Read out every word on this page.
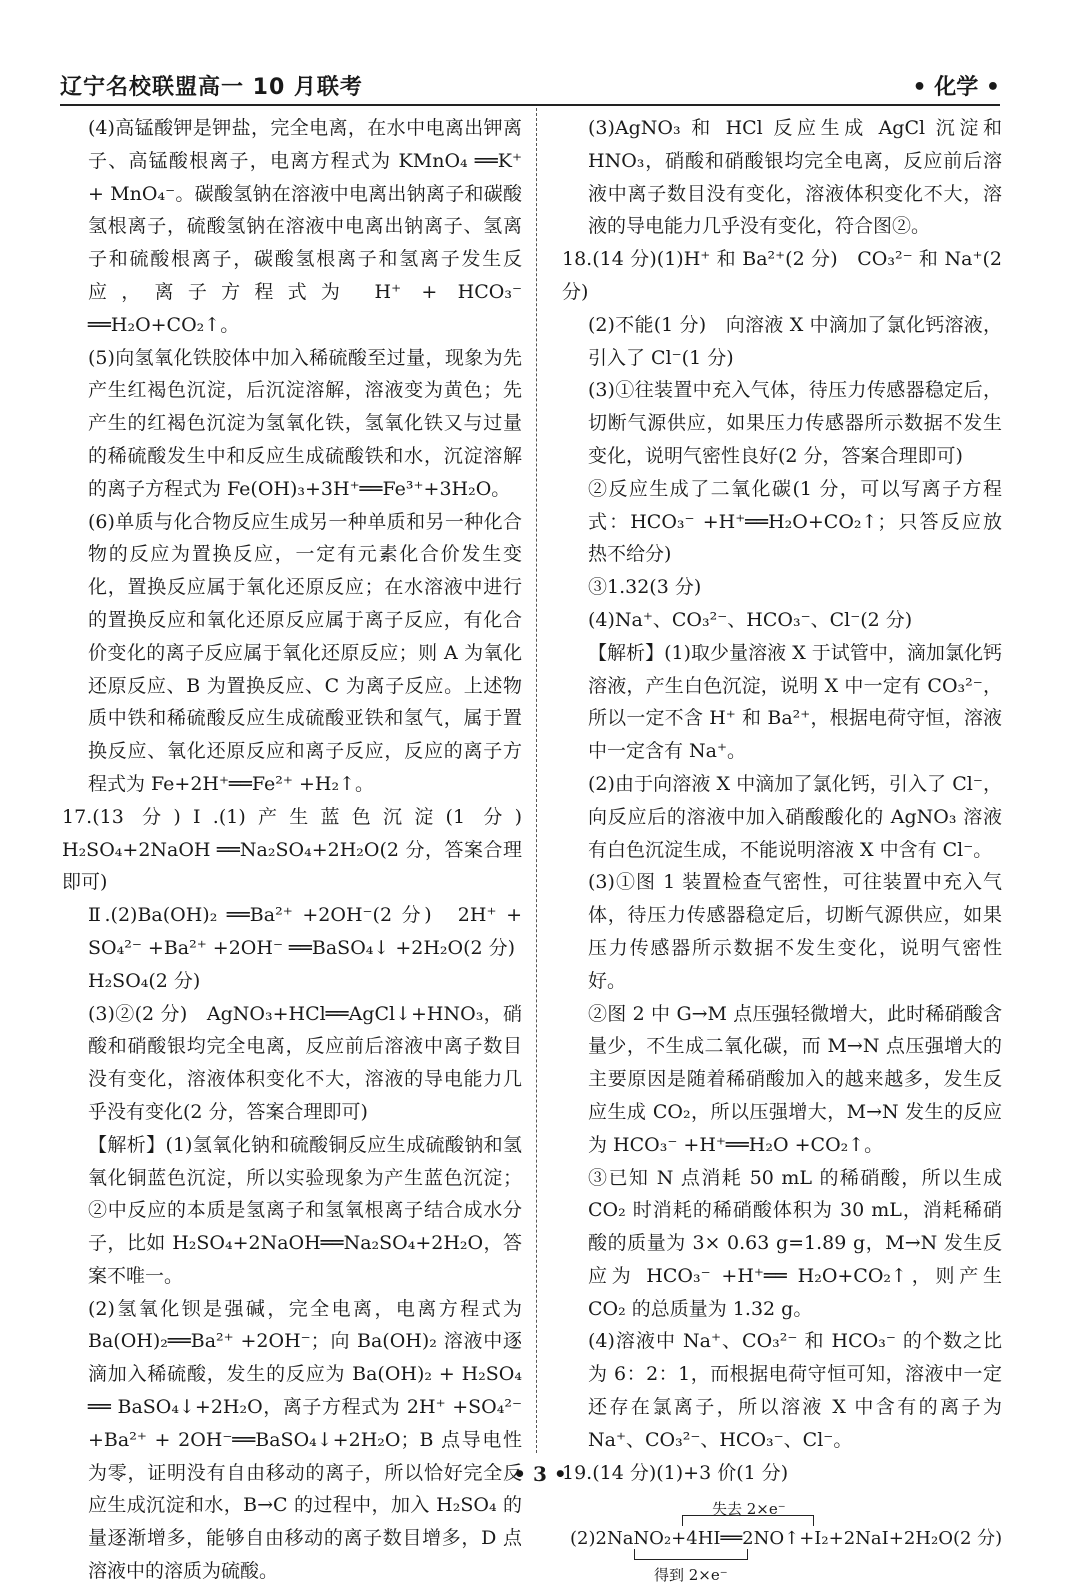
辽宁名校联盟高一 10 月联考	• 化学 •

(4)高锰酸钾是钾盐，完全电离，在水中电离出钾离子、高锰酸根离子，电离方程式为 KMnO₄ ══K⁺ + MnO₄⁻。碳酸氢钠在溶液中电离出钠离子和碳酸氢根离子，硫酸氢钠在溶液中电离出钠离子、氢离子和硫酸根离子，碳酸氢根离子和氢离子发生反应，离子方程式为 H⁺ + HCO₃⁻ ══H₂O+CO₂↑。

(5)向氢氧化铁胶体中加入稀硫酸至过量，现象为先产生红褐色沉淀，后沉淀溶解，溶液变为黄色；先产生的红褐色沉淀为氢氧化铁，氢氧化铁又与过量的稀硫酸发生中和反应生成硫酸铁和水，沉淀溶解的离子方程式为 Fe(OH)₃+3H⁺══Fe³⁺+3H₂O。

(6)单质与化合物反应生成另一种单质和另一种化合物的反应为置换反应，一定有元素化合价发生变化，置换反应属于氧化还原反应；在水溶液中进行的置换反应和氧化还原反应属于离子反应，有化合价变化的离子反应属于氧化还原反应；则 A 为氧化还原反应、B 为置换反应、C 为离子反应。上述物质中铁和稀硫酸反应生成硫酸亚铁和氢气，属于置换反应、氧化还原反应和离子反应，反应的离子方程式为 Fe+2H⁺══Fe²⁺ +H₂↑。

17.(13 分)Ⅰ.(1)产生蓝色沉淀(1 分)　H₂SO₄+2NaOH ══Na₂SO₄+2H₂O(2 分，答案合理即可)

Ⅱ.(2)Ba(OH)₂ ══Ba²⁺ +2OH⁻(2 分)　2H⁺ + SO₄²⁻ +Ba²⁺ +2OH⁻ ══BaSO₄↓ +2H₂O(2 分)

H₂SO₄(2 分)

(3)②(2 分)　AgNO₃+HCl══AgCl↓+HNO₃，硝酸和硝酸银均完全电离，反应前后溶液中离子数目没有变化，溶液体积变化不大，溶液的导电能力几乎没有变化(2 分，答案合理即可)

【解析】(1)氢氧化钠和硫酸铜反应生成硫酸钠和氢氧化铜蓝色沉淀，所以实验现象为产生蓝色沉淀；②中反应的本质是氢离子和氢氧根离子结合成水分子，比如 H₂SO₄+2NaOH══Na₂SO₄+2H₂O，答案不唯一。

(2)氢氧化钡是强碱，完全电离，电离方程式为 Ba(OH)₂══Ba²⁺ +2OH⁻；向 Ba(OH)₂ 溶液中逐滴加入稀硫酸，发生的反应为 Ba(OH)₂ + H₂SO₄ ══ BaSO₄↓+2H₂O，离子方程式为 2H⁺ +SO₄²⁻ +Ba²⁺ + 2OH⁻══BaSO₄↓+2H₂O；B 点导电性为零，证明没有自由移动的离子，所以恰好完全反应生成沉淀和水，B→C 的过程中，加入 H₂SO₄ 的量逐渐增多，能够自由移动的离子数目增多，D 点溶液中的溶质为硫酸。

(3)AgNO₃ 和 HCl 反应生成 AgCl 沉淀和 HNO₃，硝酸和硝酸银均完全电离，反应前后溶液中离子数目没有变化，溶液体积变化不大，溶液的导电能力几乎没有变化，符合图②。

18.(14 分)(1)H⁺ 和 Ba²⁺(2 分)　CO₃²⁻ 和 Na⁺(2 分)

(2)不能(1 分)　向溶液 X 中滴加了氯化钙溶液，引入了 Cl⁻(1 分)

(3)①往装置中充入气体，待压力传感器稳定后，切断气源供应，如果压力传感器所示数据不发生变化，说明气密性良好(2 分，答案合理即可)

②反应生成了二氧化碳(1 分，可以写离子方程式：HCO₃⁻ +H⁺══H₂O+CO₂↑；只答反应放热不给分)

③1.32(3 分)

(4)Na⁺、CO₃²⁻、HCO₃⁻、Cl⁻(2 分)

【解析】(1)取少量溶液 X 于试管中，滴加氯化钙溶液，产生白色沉淀，说明 X 中一定有 CO₃²⁻，所以一定不含 H⁺ 和 Ba²⁺，根据电荷守恒，溶液中一定含有 Na⁺。

(2)由于向溶液 X 中滴加了氯化钙，引入了 Cl⁻，向反应后的溶液中加入硝酸酸化的 AgNO₃ 溶液有白色沉淀生成，不能说明溶液 X 中含有 Cl⁻。

(3)①图 1 装置检查气密性，可往装置中充入气体，待压力传感器稳定后，切断气源供应，如果压力传感器所示数据不发生变化，说明气密性好。

②图 2 中 G→M 点压强轻微增大，此时稀硝酸含量少，不生成二氧化碳，而 M→N 点压强增大的主要原因是随着稀硝酸加入的越来越多，发生反应生成 CO₂，所以压强增大，M→N 发生的反应为 HCO₃⁻ +H⁺══H₂O +CO₂↑。

③已知 N 点消耗 50 mL 的稀硝酸，所以生成 CO₂ 时消耗的稀硝酸体积为 30 mL，消耗稀硝酸的质量为 3× 0.63 g=1.89 g，M→N 发生反应为 HCO₃⁻ +H⁺══ H₂O+CO₂↑，则产生 CO₂ 的总质量为 1.32 g。

(4)溶液中 Na⁺、CO₃²⁻ 和 HCO₃⁻ 的个数之比为 6：2：1，而根据电荷守恒可知，溶液中一定还存在氯离子，所以溶液 X 中含有的离子为 Na⁺、CO₃²⁻、HCO₃⁻、Cl⁻。

19.(14 分)(1)+3 价(1 分)

失去 2×e⁻
(2)2NaNO₂+4HI══2NO↑+I₂+2NaI+2H₂O(2 分)
得到 2×e⁻
• 3 •
